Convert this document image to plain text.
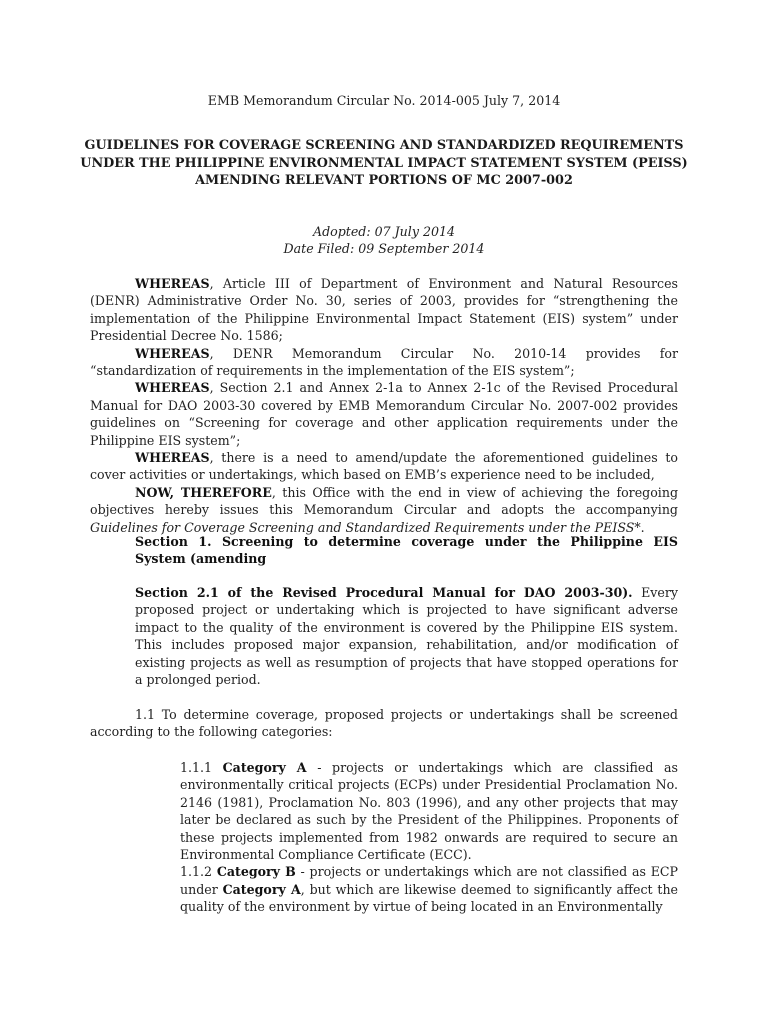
EMB Memorandum Circular No. 2014-005 July 7, 2014

GUIDELINES FOR COVERAGE SCREENING AND STANDARDIZED REQUIREMENTS
UNDER THE PHILIPPINE ENVIRONMENTAL IMPACT STATEMENT SYSTEM (PEISS)
AMENDING RELEVANT PORTIONS OF MC 2007-002
Adopted: 07 July 2014
Date Filed: 09 September 2014
WHEREAS, Article III of Department of Environment and Natural Resources (DENR) Administrative Order No. 30, series of 2003, provides for “strengthening the implementation of the Philippine Environmental Impact Statement (EIS) system” under Presidential Decree No. 1586;
WHEREAS, DENR Memorandum Circular No. 2010-14 provides for “standardization of requirements in the implementation of the EIS system”;
WHEREAS, Section 2.1 and Annex 2-1a to Annex 2-1c of the Revised Procedural Manual for DAO 2003-30 covered by EMB Memorandum Circular No. 2007-002 provides guidelines on “Screening for coverage and other application requirements under the Philippine EIS system”;
WHEREAS, there is a need to amend/update the aforementioned guidelines to cover activities or undertakings, which based on EMB’s experience need to be included,
NOW, THEREFORE, this Office with the end in view of achieving the foregoing objectives hereby issues this Memorandum Circular and adopts the accompanying Guidelines for Coverage Screening and Standardized Requirements under the PEISS*.

Section 1. Screening to determine coverage under the Philippine EIS System (amending

Section 2.1 of the Revised Procedural Manual for DAO 2003-30). Every proposed project or undertaking which is projected to have significant adverse impact to the quality of the environment is covered by the Philippine EIS system. This includes proposed major expansion, rehabilitation, and/or modification of existing projects as well as resumption of projects that have stopped operations for a prolonged period.

1.1 To determine coverage, proposed projects or undertakings shall be screened according to the following categories:

1.1.1 Category A - projects or undertakings which are classified as environmentally critical projects (ECPs) under Presidential Proclamation No. 2146 (1981), Proclamation No. 803 (1996), and any other projects that may later be declared as such by the President of the Philippines. Proponents of these projects implemented from 1982 onwards are required to secure an Environmental Compliance Certificate (ECC).
1.1.2 Category B - projects or undertakings which are not classified as ECP under Category A, but which are likewise deemed to significantly affect the quality of the environment by virtue of being located in an Environmentally
